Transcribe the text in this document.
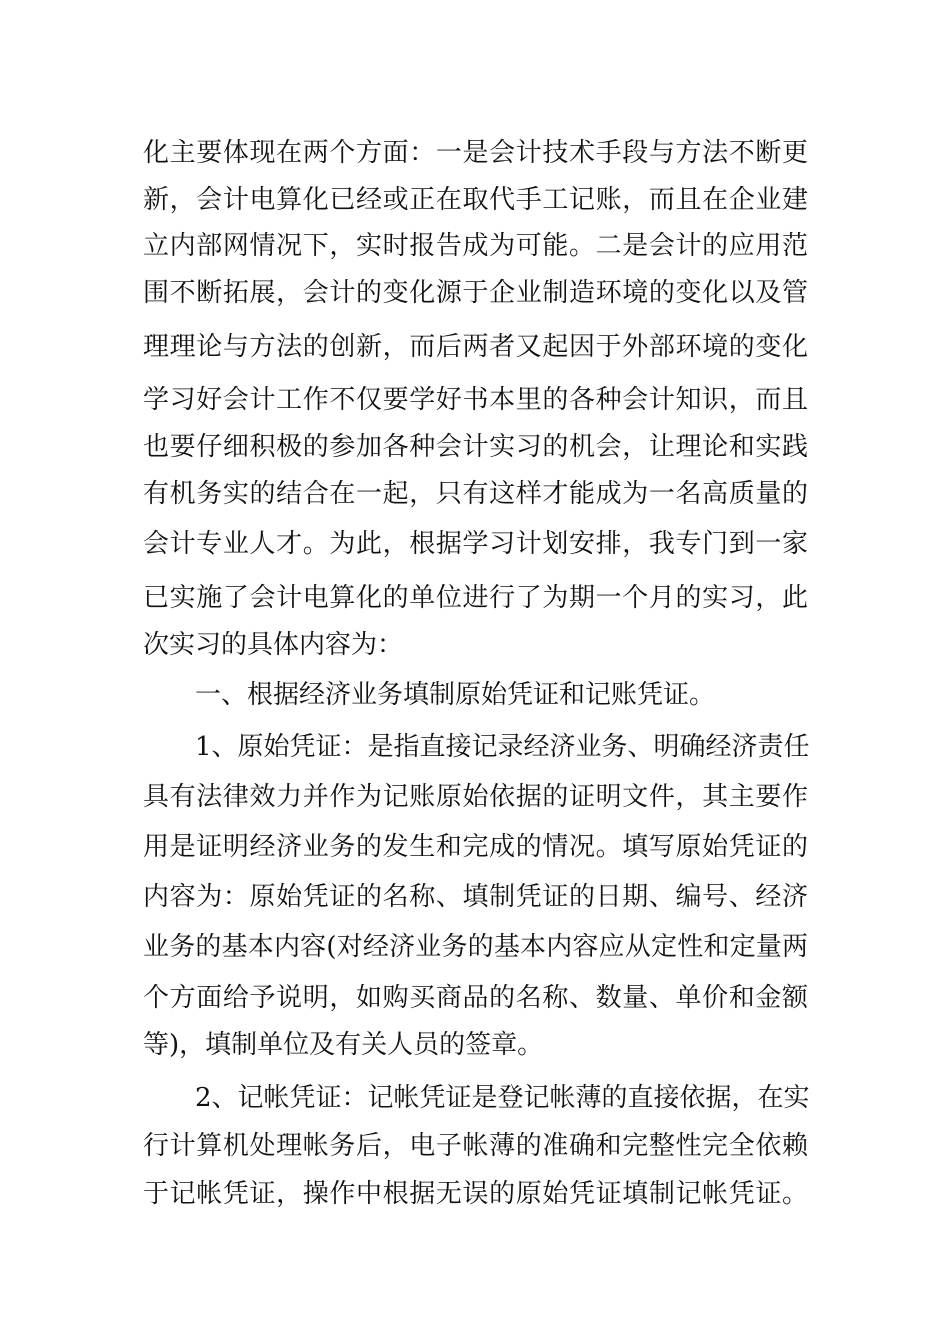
化主要体现在两个方面：一是会计技术手段与方法不断更
新，会计电算化已经或正在取代手工记账，而且在企业建
立内部网情况下，实时报告成为可能。二是会计的应用范
围不断拓展，会计的变化源于企业制造环境的变化以及管
理理论与方法的创新，而后两者又起因于外部环境的变化
学习好会计工作不仅要学好书本里的各种会计知识，而且
也要仔细积极的参加各种会计实习的机会，让理论和实践
有机务实的结合在一起，只有这样才能成为一名高质量的
会计专业人才。为此，根据学习计划安排，我专门到一家
已实施了会计电算化的单位进行了为期一个月的实习，此
次实习的具体内容为：
一、根据经济业务填制原始凭证和记账凭证。
1、原始凭证：是指直接记录经济业务、明确经济责任
具有法律效力并作为记账原始依据的证明文件，其主要作
用是证明经济业务的发生和完成的情况。填写原始凭证的
内容为：原始凭证的名称、填制凭证的日期、编号、经济
业务的基本内容(对经济业务的基本内容应从定性和定量两
个方面给予说明，如购买商品的名称、数量、单价和金额
等)，填制单位及有关人员的签章。
2、记帐凭证：记帐凭证是登记帐薄的直接依据，在实
行计算机处理帐务后，电子帐薄的准确和完整性完全依赖
于记帐凭证，操作中根据无误的原始凭证填制记帐凭证。
